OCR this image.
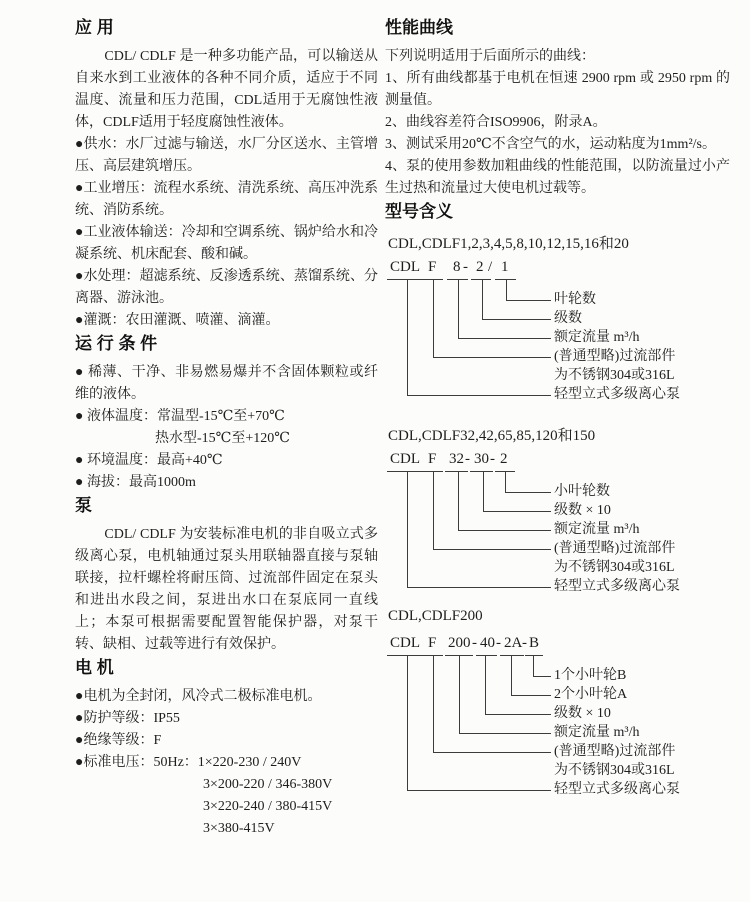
应 用

CDL/ CDLF 是一种多功能产品，可以输送从自来水到工业液体的各种不同介质，适应于不同温度、流量和压力范围，CDL适用于无腐蚀性液体，CDLF适用于轻度腐蚀性液体。

●供水：水厂过滤与输送，水厂分区送水、主管增压、高层建筑增压。

●工业增压：流程水系统、清洗系统、高压冲洗系统、消防系统。

●工业液体输送：冷却和空调系统、锅炉给水和冷凝系统、机床配套、酸和碱。

●水处理：超滤系统、反渗透系统、蒸馏系统、分离器、游泳池。

●灌溉：农田灌溉、喷灌、滴灌。

运 行 条 件

● 稀薄、干净、非易燃易爆并不含固体颗粒或纤维的液体。

● 液体温度：常温型-15℃至+70℃

热水型-15℃至+120℃

● 环境温度：最高+40℃

● 海拔：最高1000m

泵

CDL/ CDLF 为安装标准电机的非自吸立式多级离心泵，电机轴通过泵头用联轴器直接与泵轴联接，拉杆螺栓将耐压筒、过流部件固定在泵头和进出水段之间，泵进出水口在泵底同一直线上；本泵可根据需要配置智能保护器，对泵干转、缺相、过载等进行有效保护。

电 机

●电机为全封闭，风冷式二极标准电机。

●防护等级：IP55

●绝缘等级：F

●标准电压：50Hz：1×220-230 / 240V

3×200-220 / 346-380V
3×220-240 / 380-415V
3×380-415V
性能曲线

下列说明适用于后面所示的曲线：

1、所有曲线都基于电机在恒速 2900 rpm 或 2950 rpm 的测量值。

2、曲线容差符合ISO9906，附录A。

3、测试采用20℃不含空气的水，运动粘度为1mm²/s。

4、泵的使用参数加粗曲线的性能范围，以防流量过小产生过热和流量过大使电机过载等。

型号含义
CDL,CDLF1,2,3,4,5,8,10,12,15,16和20
CDL F 8 - 2 / 1
叶轮数
级数
额定流量 m³/h
(普通型略)过流部件
为不锈钢304或316L
轻型立式多级离心泵
CDL,CDLF32,42,65,85,120和150
CDL F 32 - 30 - 2
小叶轮数
级数 × 10
额定流量 m³/h
(普通型略)过流部件
为不锈钢304或316L
轻型立式多级离心泵
CDL,CDLF200
CDL F 200 - 40 - 2A - B
1个小叶轮B
2个小叶轮A
级数 × 10
额定流量 m³/h
(普通型略)过流部件
为不锈钢304或316L
轻型立式多级离心泵
